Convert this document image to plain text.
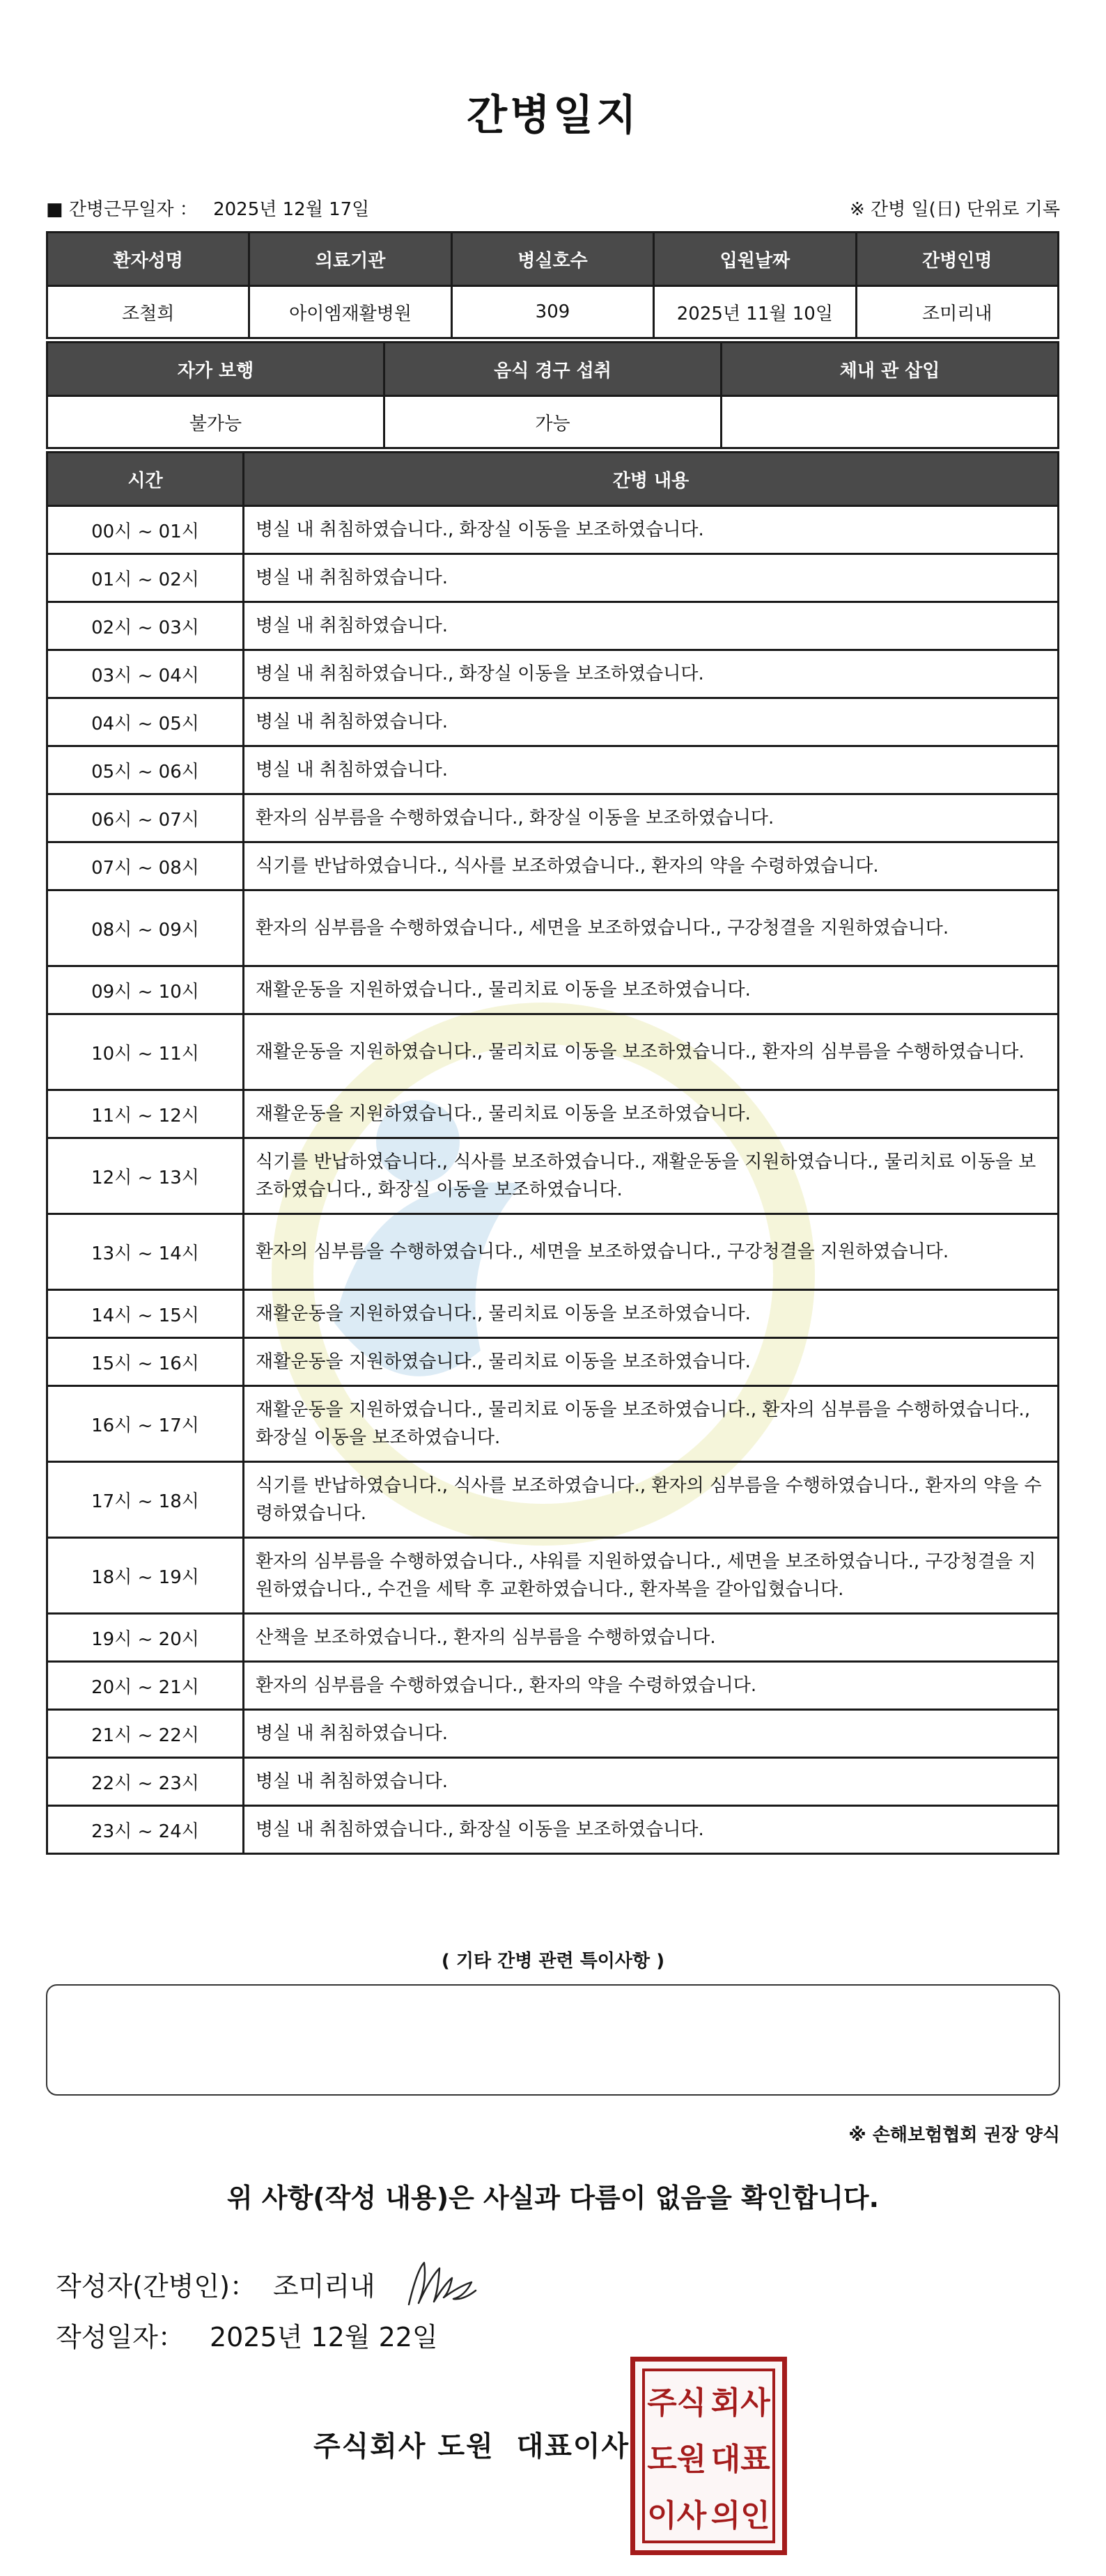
간병일지
■ 간병근무일자 ： 2025년 12월 17일	※ 간병 일(日) 단위로 기록
환자성명	의료기관	병실호수	입원날짜	간병인명
조철희	아이엠재활병원	309	2025년 11월 10일	조미리내
자가 보행	음식 경구 섭취	체내 관 삽입
불가능	가능	
시간	간병 내용
00시 ~ 01시	병실 내 취침하였습니다., 화장실 이동을 보조하였습니다.
01시 ~ 02시	병실 내 취침하였습니다.
02시 ~ 03시	병실 내 취침하였습니다.
03시 ~ 04시	병실 내 취침하였습니다., 화장실 이동을 보조하였습니다.
04시 ~ 05시	병실 내 취침하였습니다.
05시 ~ 06시	병실 내 취침하였습니다.
06시 ~ 07시	환자의 심부름을 수행하였습니다., 화장실 이동을 보조하였습니다.
07시 ~ 08시	식기를 반납하였습니다., 식사를 보조하였습니다., 환자의 약을 수령하였습니다.
08시 ~ 09시	환자의 심부름을 수행하였습니다., 세면을 보조하였습니다., 구강청결을 지원하였습니다.
09시 ~ 10시	재활운동을 지원하였습니다., 물리치료 이동을 보조하였습니다.
10시 ~ 11시	재활운동을 지원하였습니다., 물리치료 이동을 보조하였습니다., 환자의 심부름을 수행하였습니다.
11시 ~ 12시	재활운동을 지원하였습니다., 물리치료 이동을 보조하였습니다.
12시 ~ 13시	식기를 반납하였습니다., 식사를 보조하였습니다., 재활운동을 지원하였습니다., 물리치료 이동을 보조하였습니다., 화장실 이동을 보조하였습니다.
13시 ~ 14시	환자의 심부름을 수행하였습니다., 세면을 보조하였습니다., 구강청결을 지원하였습니다.
14시 ~ 15시	재활운동을 지원하였습니다., 물리치료 이동을 보조하였습니다.
15시 ~ 16시	재활운동을 지원하였습니다., 물리치료 이동을 보조하였습니다.
16시 ~ 17시	재활운동을 지원하였습니다., 물리치료 이동을 보조하였습니다., 환자의 심부름을 수행하였습니다., 화장실 이동을 보조하였습니다.
17시 ~ 18시	식기를 반납하였습니다., 식사를 보조하였습니다., 환자의 심부름을 수행하였습니다., 환자의 약을 수령하였습니다.
18시 ~ 19시	환자의 심부름을 수행하였습니다., 샤워를 지원하였습니다., 세면을 보조하였습니다., 구강청결을 지원하였습니다., 수건을 세탁 후 교환하였습니다., 환자복을 갈아입혔습니다.
19시 ~ 20시	산책을 보조하였습니다., 환자의 심부름을 수행하였습니다.
20시 ~ 21시	환자의 심부름을 수행하였습니다., 환자의 약을 수령하였습니다.
21시 ~ 22시	병실 내 취침하였습니다.
22시 ~ 23시	병실 내 취침하였습니다.
23시 ~ 24시	병실 내 취침하였습니다., 화장실 이동을 보조하였습니다.
( 기타 간병 관련 특이사항 )
※ 손해보험협회 권장 양식
위 사항(작성 내용)은 사실과 다름이 없음을 확인합니다.
작성자(간병인)： 조미리내
작성일자： 2025년 12월 22일
주식회사 도원  대표이사
주식 회사
도원 대표
이사 의인
